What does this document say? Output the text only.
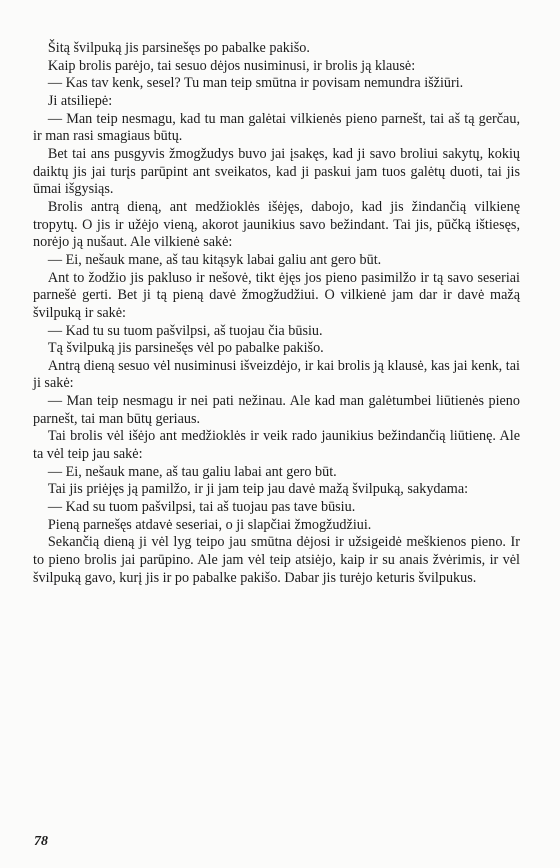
Šitą švilpuką jis parsinešęs po pabalke pakišo.

Kaip brolis parėjo, tai sesuo dėjos nusiminusi, ir brolis ją klausė:

— Kas tav kenk, sesel? Tu man teip smūtna ir povisam nemundra išžiūri.

Ji atsiliepė:

— Man teip nesmagu, kad tu man galėtai vilkienės pieno parnešt, tai aš tą gerčau, ir man rasi smagiaus būtų.

Bet tai ans pusgyvis žmogžudys buvo jai įsakęs, kad ji savo broliui sakytų, kokių daiktų jis jai turįs parūpint ant sveikatos, kad ji paskui jam tuos galėtų duoti, tai jis ūmai išgysiąs.

Brolis antrą dieną, ant medžioklės išėjęs, dabojo, kad jis žindančią vilkienę tropytų. O jis ir užėjo vieną, akorot jaunikius savo bežindant. Tai jis, pūčką ištiesęs, norėjo ją nušaut. Ale vilkienė sakė:

— Ei, nešauk mane, aš tau kitąsyk labai galiu ant gero būt.

Ant to žodžio jis pakluso ir nešovė, tikt ėjęs jos pieno pasimilžo ir tą savo seseriai parnešė gerti. Bet ji tą pieną davė žmogžudžiui. O vilkienė jam dar ir davė mažą švilpuką ir sakė:

— Kad tu su tuom pašvilpsi, aš tuojau čia būsiu.

Tą švilpuką jis parsinešęs vėl po pabalke pakišo.

Antrą dieną sesuo vėl nusiminusi išveizdėjo, ir kai brolis ją klausė, kas jai kenk, tai ji sakė:

— Man teip nesmagu ir nei pati nežinau. Ale kad man galėtumbei liūtienės pieno parnešt, tai man būtų geriaus.

Tai brolis vėl išėjo ant medžioklės ir veik rado jaunikius bežindančią liūtienę. Ale ta vėl teip jau sakė:

— Ei, nešauk mane, aš tau galiu labai ant gero būt.

Tai jis priėjęs ją pamilžo, ir ji jam teip jau davė mažą švilpuką, sakydama:

— Kad su tuom pašvilpsi, tai aš tuojau pas tave būsiu.

Pieną parnešęs atdavė seseriai, o ji slapčiai žmogžudžiui.

Sekančią dieną ji vėl lyg teipo jau smūtna dėjosi ir užsigeidė meškienos pieno. Ir to pieno brolis jai parūpino. Ale jam vėl teip atsiėjo, kaip ir su anais žvėrimis, ir vėl švilpuką gavo, kurį jis ir po pabalke pakišo. Dabar jis turėjo keturis švilpukus.

78
